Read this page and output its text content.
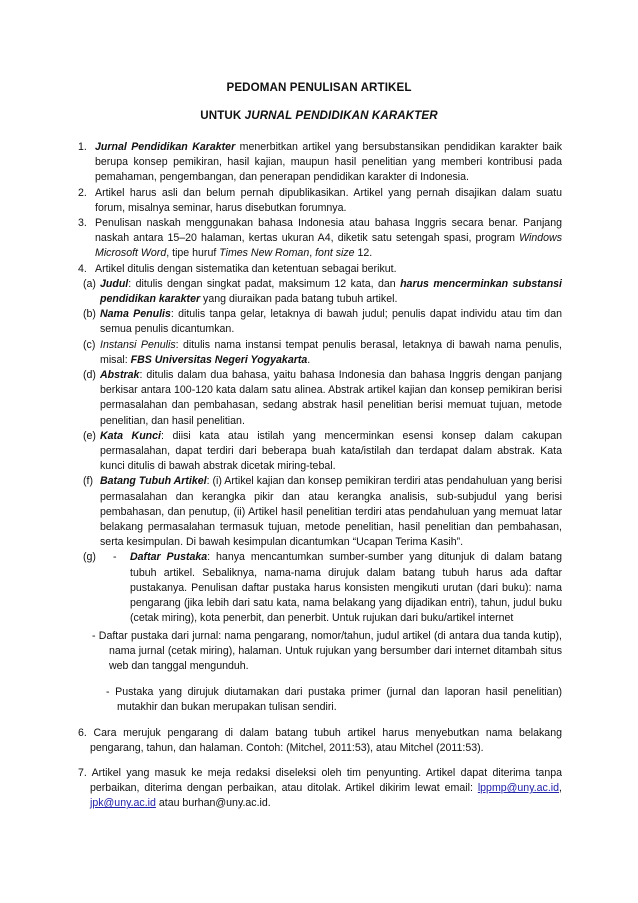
PEDOMAN PENULISAN ARTIKEL
UNTUK JURNAL PENDIDIKAN KARAKTER

1. Jurnal Pendidikan Karakter menerbitkan artikel yang bersubstansikan pendidikan karakter baik berupa konsep pemikiran, hasil kajian, maupun hasil penelitian yang memberi kontribusi pada pemahaman, pengembangan, dan penerapan pendidikan karakter di Indonesia.

2. Artikel harus asli dan belum pernah dipublikasikan. Artikel yang pernah disajikan dalam suatu forum, misalnya seminar, harus disebutkan forumnya.

3. Penulisan naskah menggunakan bahasa Indonesia atau bahasa Inggris secara benar. Panjang naskah antara 15–20 halaman, kertas ukuran A4, diketik satu setengah spasi, program Windows Microsoft Word, tipe huruf Times New Roman, font size 12.

4. Artikel ditulis dengan sistematika dan ketentuan sebagai berikut.

(a) Judul: ditulis dengan singkat padat, maksimum 12 kata, dan harus mencerminkan substansi pendidikan karakter yang diuraikan pada batang tubuh artikel.

(b) Nama Penulis: ditulis tanpa gelar, letaknya di bawah judul; penulis dapat individu atau tim dan semua penulis dicantumkan.

(c) Instansi Penulis: ditulis nama instansi tempat penulis berasal, letaknya di bawah nama penulis, misal: FBS Universitas Negeri Yogyakarta.

(d) Abstrak: ditulis dalam dua bahasa, yaitu bahasa Indonesia dan bahasa Inggris dengan panjang berkisar antara 100-120 kata dalam satu alinea. Abstrak artikel kajian dan konsep pemikiran berisi permasalahan dan pembahasan, sedang abstrak hasil penelitian berisi memuat tujuan, metode penelitian, dan hasil penelitian.

(e) Kata Kunci: diisi kata atau istilah yang mencerminkan esensi konsep dalam cakupan permasalahan, dapat terdiri dari beberapa buah kata/istilah dan terdapat dalam abstrak. Kata kunci ditulis di bawah abstrak dicetak miring-tebal.

(f) Batang Tubuh Artikel: (i) Artikel kajian dan konsep pemikiran terdiri atas pendahuluan yang berisi permasalahan dan kerangka pikir dan atau kerangka analisis, sub-subjudul yang berisi pembahasan, dan penutup, (ii) Artikel hasil penelitian terdiri atas pendahuluan yang memuat latar belakang permasalahan termasuk tujuan, metode penelitian, hasil penelitian dan pembahasan, serta kesimpulan. Di bawah kesimpulan dicantumkan “Ucapan Terima Kasih”.

(g) -Daftar Pustaka: hanya mencantumkan sumber-sumber yang ditunjuk di dalam batang tubuh artikel. Sebaliknya, nama-nama dirujuk dalam batang tubuh harus ada daftar pustakanya. Penulisan daftar pustaka harus konsisten mengikuti urutan (dari buku): nama pengarang (jika lebih dari satu kata, nama belakang yang dijadikan entri), tahun, judul buku (cetak miring), kota penerbit, dan penerbit. Untuk rujukan dari buku/artikel internet

- Daftar pustaka dari jurnal: nama pengarang, nomor/tahun, judul artikel (di antara dua tanda kutip), nama jurnal (cetak miring), halaman. Untuk rujukan yang bersumber dari internet ditambah situs web dan tanggal mengunduh.

- Pustaka yang dirujuk diutamakan dari pustaka primer (jurnal dan laporan hasil penelitian) mutakhir dan bukan merupakan tulisan sendiri.

6. Cara merujuk pengarang di dalam batang tubuh artikel harus menyebutkan nama belakang pengarang, tahun, dan halaman. Contoh: (Mitchel, 2011:53), atau Mitchel (2011:53).

7. Artikel yang masuk ke meja redaksi diseleksi oleh tim penyunting. Artikel dapat diterima tanpa perbaikan, diterima dengan perbaikan, atau ditolak. Artikel dikirim lewat email: lppmp@uny.ac.id, jpk@uny.ac.id atau burhan@uny.ac.id.
